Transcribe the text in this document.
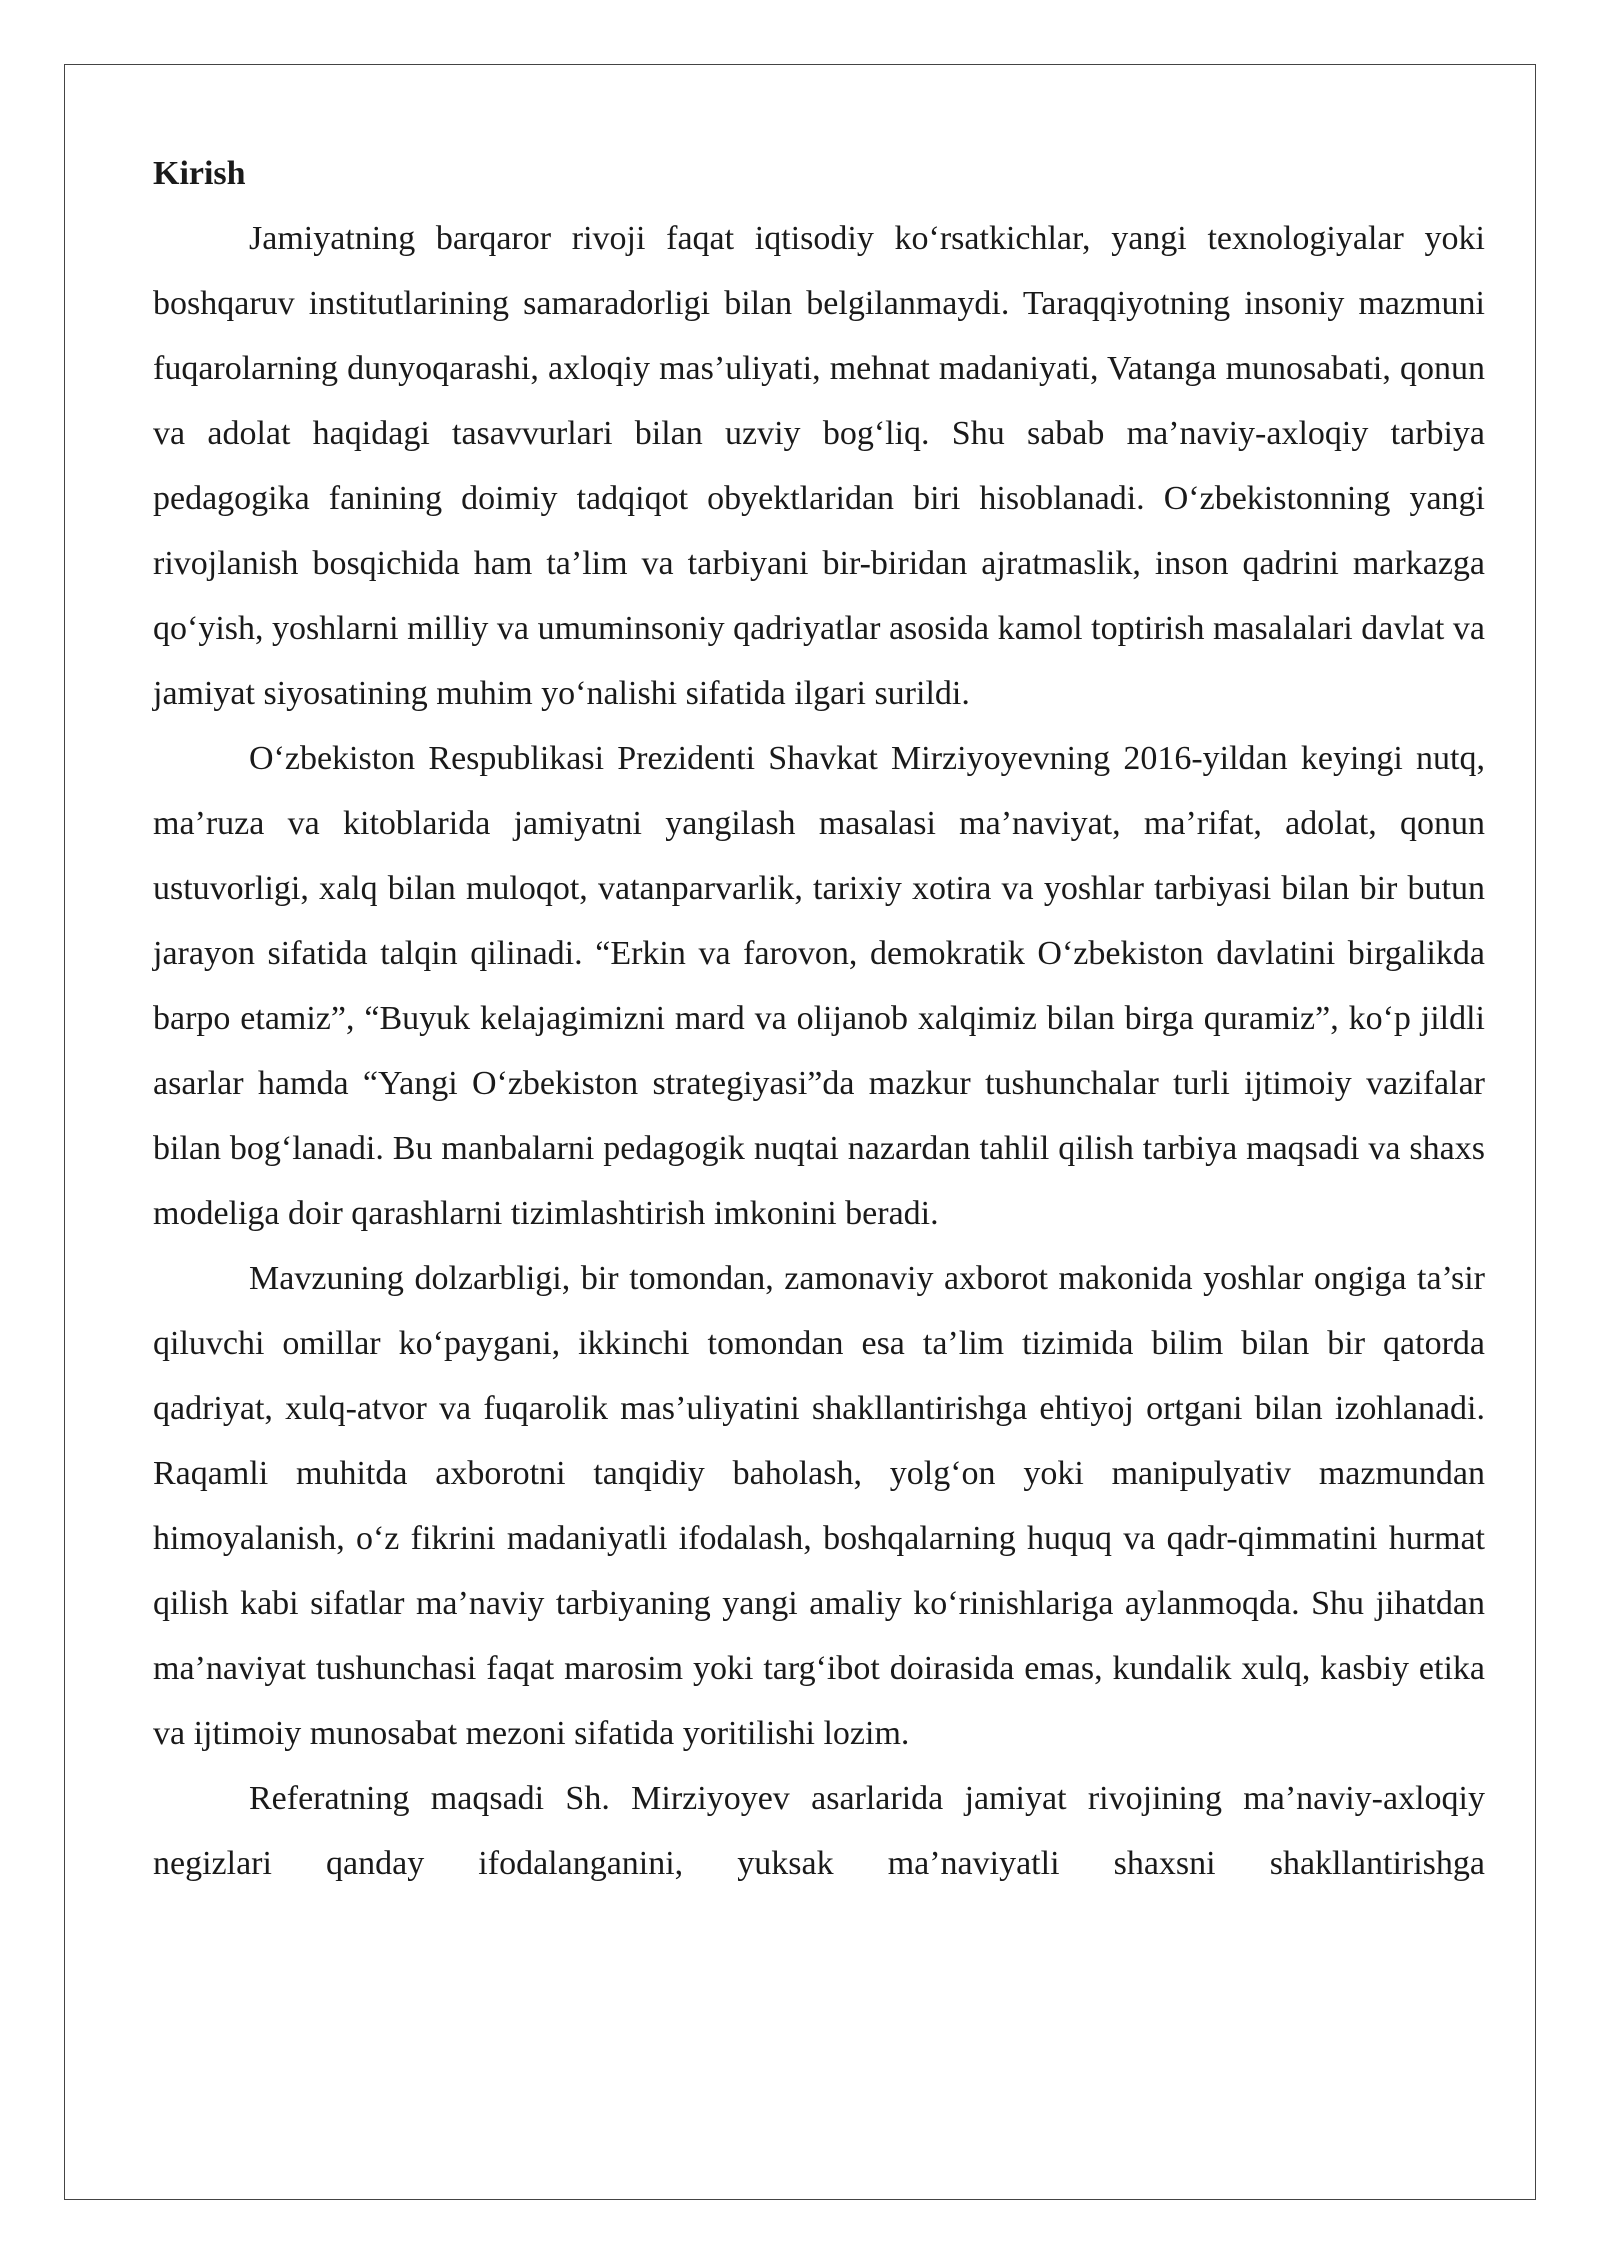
Kirish

Jamiyatning barqaror rivoji faqat iqtisodiy ko‘rsatkichlar, yangi texnologiyalar yoki boshqaruv institutlarining samaradorligi bilan belgilanmaydi. Taraqqiyotning insoniy mazmuni fuqarolarning dunyoqarashi, axloqiy mas’uliyati, mehnat madaniyati, Vatanga munosabati, qonun va adolat haqidagi tasavvurlari bilan uzviy bog‘liq. Shu sabab ma’naviy-axloqiy tarbiya pedagogika fanining doimiy tadqiqot obyektlaridan biri hisoblanadi. O‘zbekistonning yangi rivojlanish bosqichida ham ta’lim va tarbiyani bir-biridan ajratmaslik, inson qadrini markazga qo‘yish, yoshlarni milliy va umuminsoniy qadriyatlar asosida kamol toptirish masalalari davlat va jamiyat siyosatining muhim yo‘nalishi sifatida ilgari surildi.

O‘zbekiston Respublikasi Prezidenti Shavkat Mirziyoyevning 2016-yildan keyingi nutq, ma’ruza va kitoblarida jamiyatni yangilash masalasi ma’naviyat, ma’rifat, adolat, qonun ustuvorligi, xalq bilan muloqot, vatanparvarlik, tarixiy xotira va yoshlar tarbiyasi bilan bir butun jarayon sifatida talqin qilinadi. “Erkin va farovon, demokratik O‘zbekiston davlatini birgalikda barpo etamiz”, “Buyuk kelajagimizni mard va olijanob xalqimiz bilan birga quramiz”, ko‘p jildli asarlar hamda “Yangi O‘zbekiston strategiyasi”da mazkur tushunchalar turli ijtimoiy vazifalar bilan bog‘lanadi. Bu manbalarni pedagogik nuqtai nazardan tahlil qilish tarbiya maqsadi va shaxs modeliga doir qarashlarni tizimlashtirish imkonini beradi.

Mavzuning dolzarbligi, bir tomondan, zamonaviy axborot makonida yoshlar ongiga ta’sir qiluvchi omillar ko‘paygani, ikkinchi tomondan esa ta’lim tizimida bilim bilan bir qatorda qadriyat, xulq-atvor va fuqarolik mas’uliyatini shakllantirishga ehtiyoj ortgani bilan izohlanadi. Raqamli muhitda axborotni tanqidiy baholash, yolg‘on yoki manipulyativ mazmundan himoyalanish, o‘z fikrini madaniyatli ifodalash, boshqalarning huquq va qadr-qimmatini hurmat qilish kabi sifatlar ma’naviy tarbiyaning yangi amaliy ko‘rinishlariga aylanmoqda. Shu jihatdan ma’naviyat tushunchasi faqat marosim yoki targ‘ibot doirasida emas, kundalik xulq, kasbiy etika va ijtimoiy munosabat mezoni sifatida yoritilishi lozim.

Referatning maqsadi Sh. Mirziyoyev asarlarida jamiyat rivojining ma’naviy-axloqiy negizlari qanday ifodalanganini, yuksak ma’naviyatli shaxsni shakllantirishga
